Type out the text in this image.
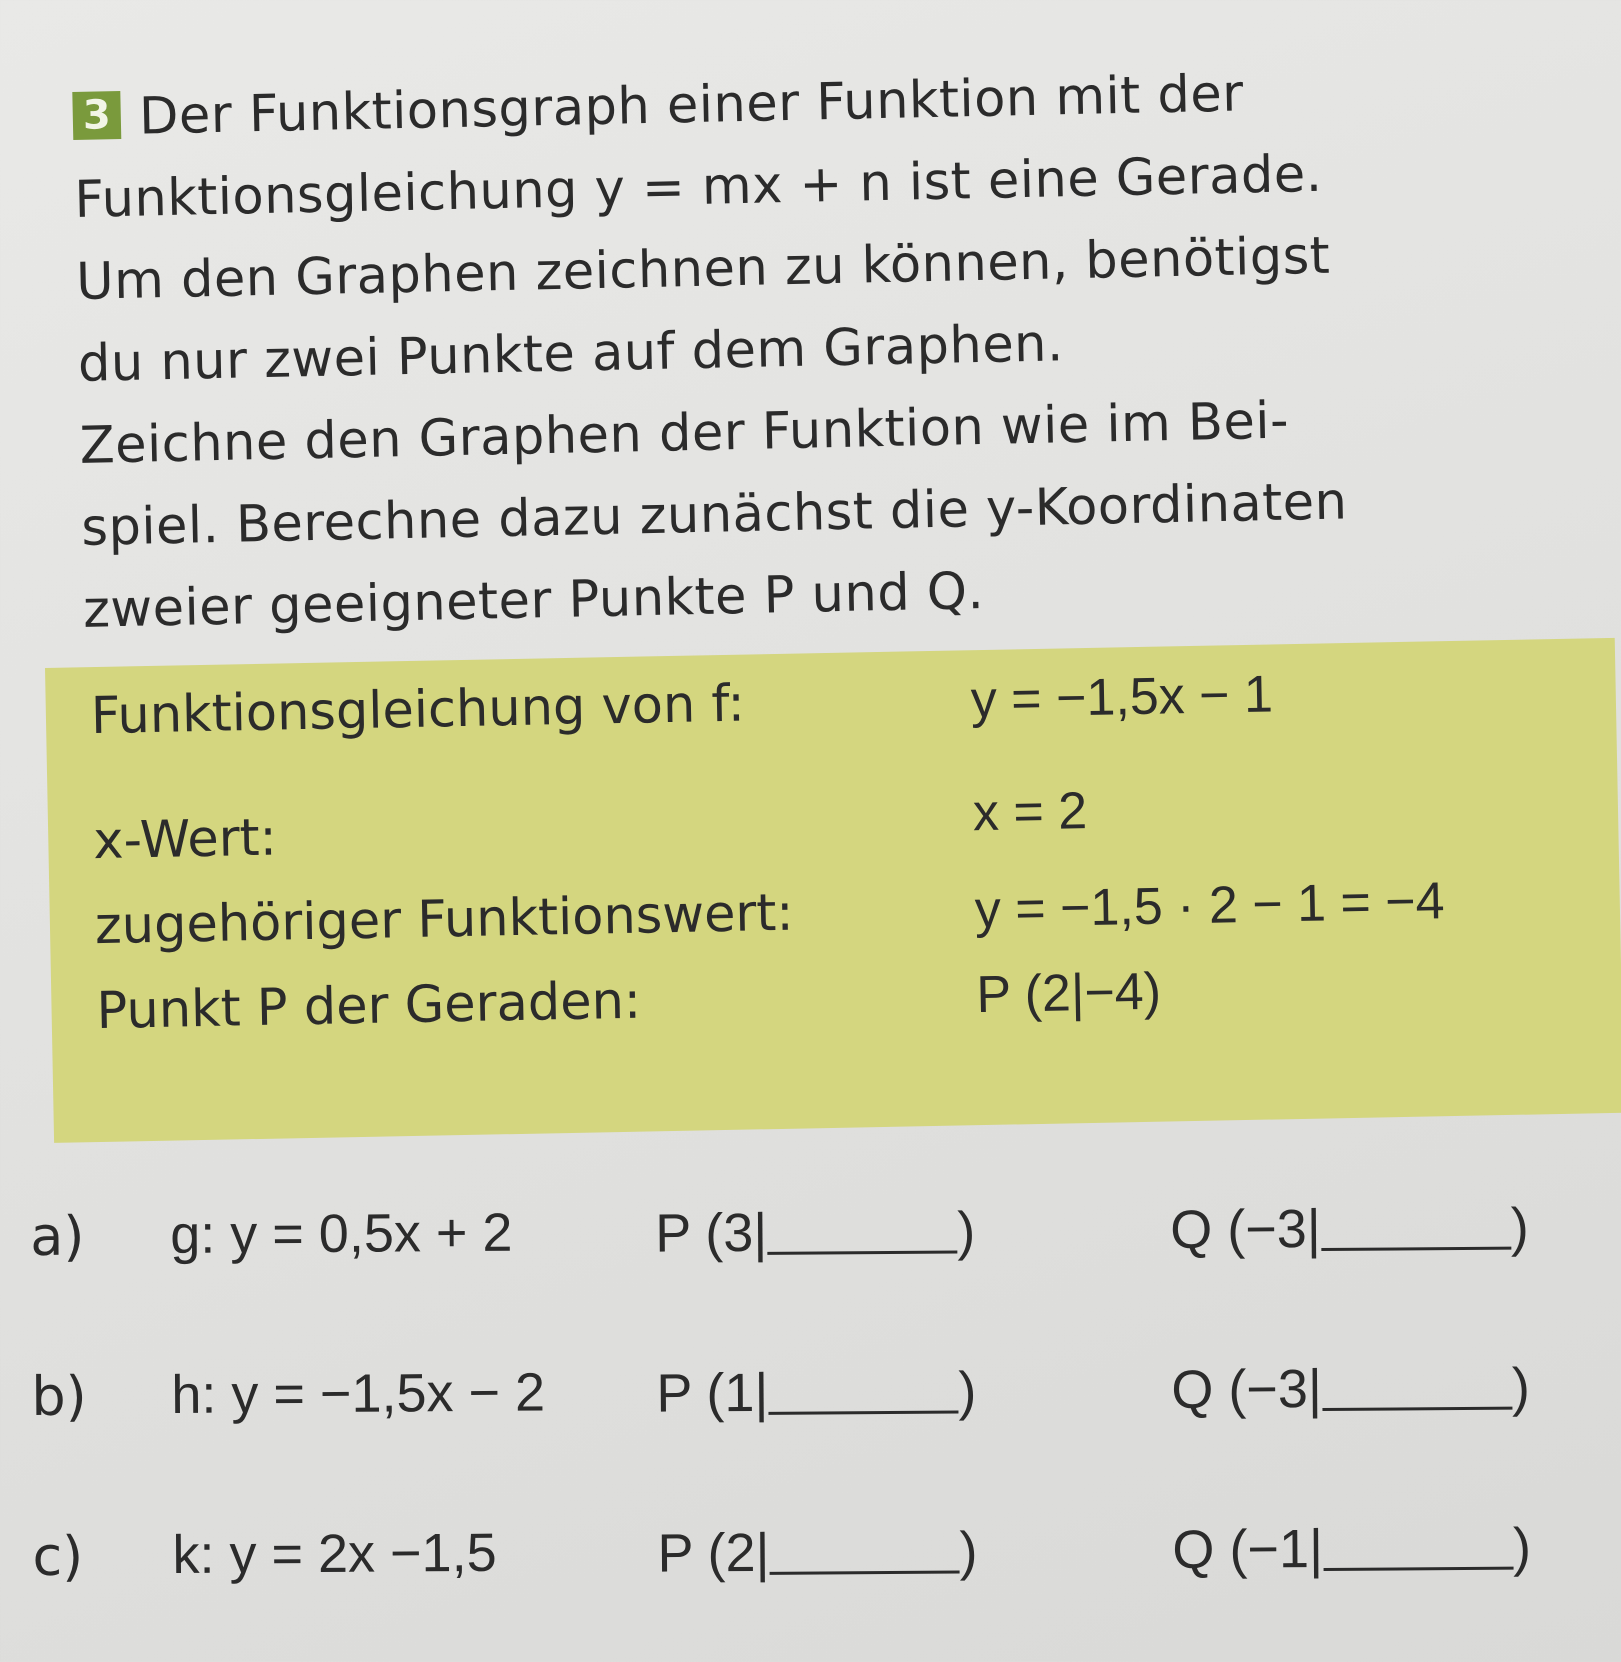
3 Der Funktionsgraph einer Funktion mit der
Funktionsgleichung y = mx + n ist eine Gerade.
Um den Graphen zeichnen zu können, benötigst
du nur zwei Punkte auf dem Graphen.
Zeichne den Graphen der Funktion wie im Bei-
spiel. Berechne dazu zunächst die y-Koordinaten
zweier geeigneter Punkte P und Q.
Funktionsgleichung von f:	y = −1,5x − 1
x-Wert:	x = 2
zugehöriger Funktionswert:	y = −1,5 · 2 − 1 = −4
Punkt P der Geraden:	P (2|−4)
a) g: y = 0,5x + 2	P (3|	)	Q (−3|	)
b) h: y = −1,5x − 2 P (1|	)	Q (−3|	)
c) k: y = 2x −1,5	P (2|	)	Q (−1|	)
